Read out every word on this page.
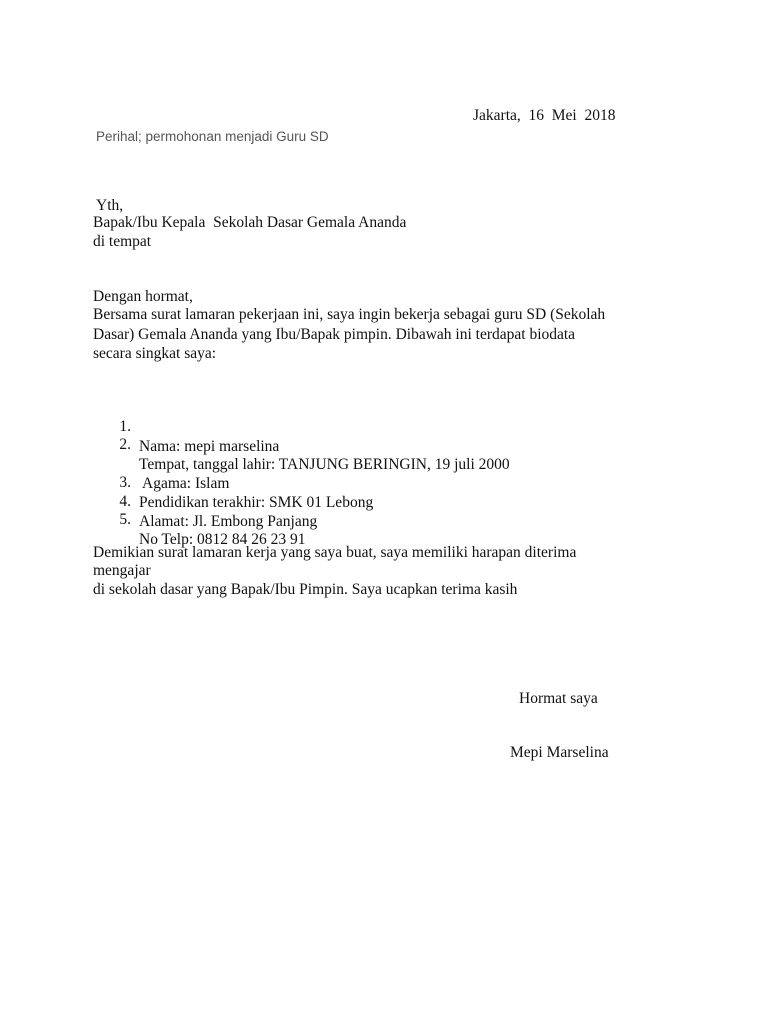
Jakarta,  16  Mei  2018

Perihal; permohonan menjadi Guru SD

Yth,

Bapak/Ibu Kepala  Sekolah Dasar Gemala Ananda

di tempat

Dengan hormat,

Bersama surat lamaran pekerjaan ini, saya ingin bekerja sebagai guru SD (Sekolah

Dasar) Gemala Ananda yang Ibu/Bapak pimpin. Dibawah ini terdapat biodata

secara singkat saya:

1.

Nama: mepi marselina

2.

Tempat, tanggal lahir: TANJUNG BERINGIN, 19 juli 2000

Agama: Islam

3.

Pendidikan terakhir: SMK 01 Lebong

4.

Alamat: Jl. Embong Panjang

5.

No Telp: 0812 84 26 23 91

Demikian surat lamaran kerja yang saya buat, saya memiliki harapan diterima

mengajar

di sekolah dasar yang Bapak/Ibu Pimpin. Saya ucapkan terima kasih

Hormat saya

Mepi Marselina
